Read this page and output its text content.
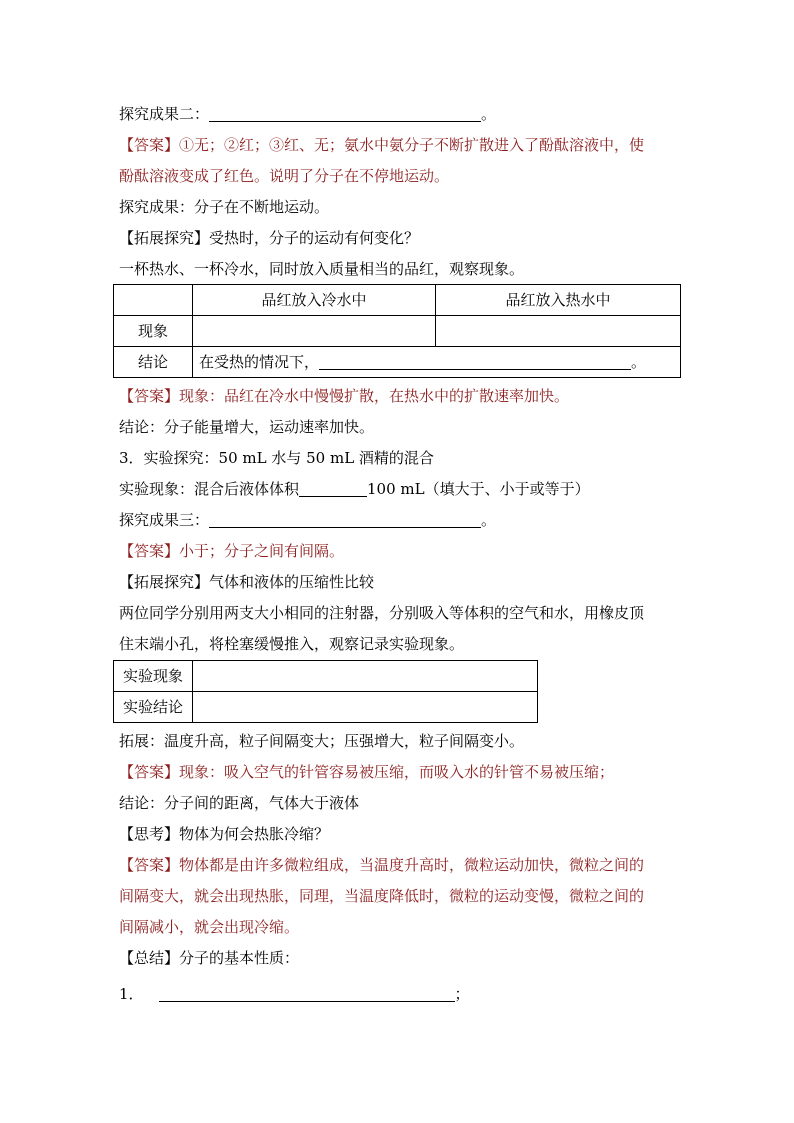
探究成果二：	。
【答案】①无；②红；③红、无；氨水中氨分子不断扩散进入了酚酞溶液中，使
酚酞溶液变成了红色。说明了分子在不停地运动。
探究成果：分子在不断地运动。
【拓展探究】受热时，分子的运动有何变化？
一杯热水、一杯冷水，同时放入质量相当的品红，观察现象。
	品红放入冷水中	品红放入热水中
现象		
结论	在受热的情况下， 。	
【答案】现象：品红在冷水中慢慢扩散，在热水中的扩散速率加快。
结论：分子能量增大，运动速率加快。
3．实验探究：50 mL 水与 50 mL 酒精的混合
实验现象：混合后液体体积	100 mL（填大于、小于或等于）
探究成果三：	。
【答案】小于；分子之间有间隔。
【拓展探究】气体和液体的压缩性比较
两位同学分别用两支大小相同的注射器，分别吸入等体积的空气和水，用橡皮顶
住末端小孔，将栓塞缓慢推入，观察记录实验现象。
实验现象	
实验结论	
拓展：温度升高，粒子间隔变大；压强增大，粒子间隔变小。
【答案】现象：吸入空气的针管容易被压缩，而吸入水的针管不易被压缩；
结论：分子间的距离，气体大于液体
【思考】物体为何会热胀冷缩？
【答案】物体都是由许多微粒组成，当温度升高时，微粒运动加快，微粒之间的
间隔变大，就会出现热胀，同理，当温度降低时，微粒的运动变慢，微粒之间的
间隔减小，就会出现冷缩。
【总结】分子的基本性质：
1．	；
